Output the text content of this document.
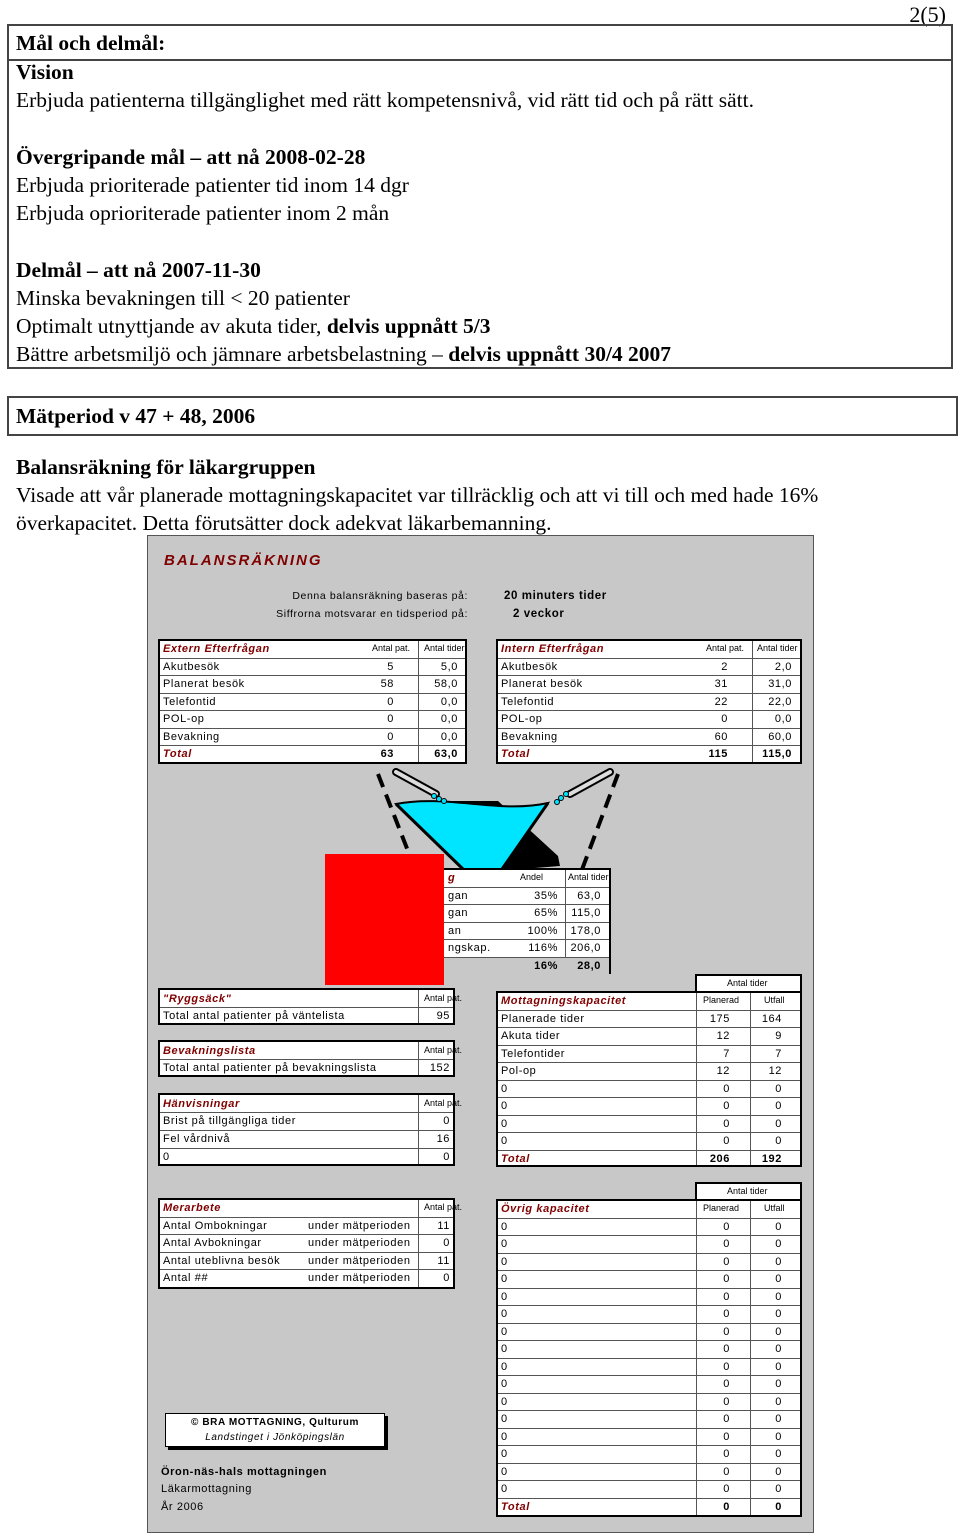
2(5)
Mål och delmål:
Vision
Erbjuda patienterna tillgänglighet med rätt kompetensnivå, vid rätt tid och på rätt sätt.
Övergripande mål – att nå 2008-02-28
Erbjuda prioriterade patienter tid inom 14 dgr
Erbjuda oprioriterade patienter inom 2 mån
Delmål – att nå 2007-11-30
Minska bevakningen till < 20 patienter
Optimalt utnyttjande av akuta tider, delvis uppnått 5/3
Bättre arbetsmiljö och jämnare arbetsbelastning – delvis uppnått 30/4 2007
Mätperiod v 47 + 48, 2006
Balansräkning för läkargruppen
Visade att vår planerade mottagningskapacitet var tillräcklig och att vi till och med hade 16%
överkapacitet. Detta förutsätter dock adekvat läkarbemanning.
BALANSRÄKNING
Denna balansräkning baseras på:	20 minuters tider
Siffrorna motsvarar en tidsperiod på:	2 veckor
Extern Efterfrågan	Antal pat. Antal tider
Akutbesök	5	5,0
Planerat besök	58	58,0
Telefontid	0	0,0
POL-op	0	0,0
Bevakning	0	0,0
Total	63	63,0
Intern Efterfrågan	Antal pat. Antal tider
Akutbesök	2	2,0
Planerat besök	31	31,0
Telefontid	22	22,0
POL-op	0	0,0
Bevakning	60	60,0
Total	115	115,0
g	Andel	Antal tider
gan	35%	63,0
gan	65%	115,0
an	100%	178,0
ngskap.	116%	206,0
16%	28,0
"Ryggsäck"	Antal pat.
Total antal patienter på väntelista	95
Bevakningslista	Antal pat.
Total antal patienter på bevakningslista	152
Hänvisningar	Antal pat.
Brist på tillgängliga tider	0
Fel vårdnivå	16
0	0
Antal tider
Mottagningskapacitet	Planerad	Utfall
Planerade tider	175	164
Akuta tider	12	9
Telefontider	7	7
Pol-op	12	12
0	0	0
0	0	0
0	0	0
0	0	0
Total	206	192
Merarbete	Antal pat.
Antal Ombokningar	under mätperioden	11
Antal Avbokningar	under mätperioden	0
Antal uteblivna besök	under mätperioden	11
Antal ##	under mätperioden	0
Antal tider
Övrig kapacitet	Planerad	Utfall
0	0	0
0	0	0
0	0	0
0	0	0
0	0	0
0	0	0
0	0	0
0	0	0
0	0	0
0	0	0
0	0	0
0	0	0
0	0	0
0	0	0
0	0	0
0	0	0
Total	0	0
© BRA MOTTAGNING, Qulturum
Landstinget i Jönköpingslän
Öron-näs-hals mottagningen
Läkarmottagning
År 2006
